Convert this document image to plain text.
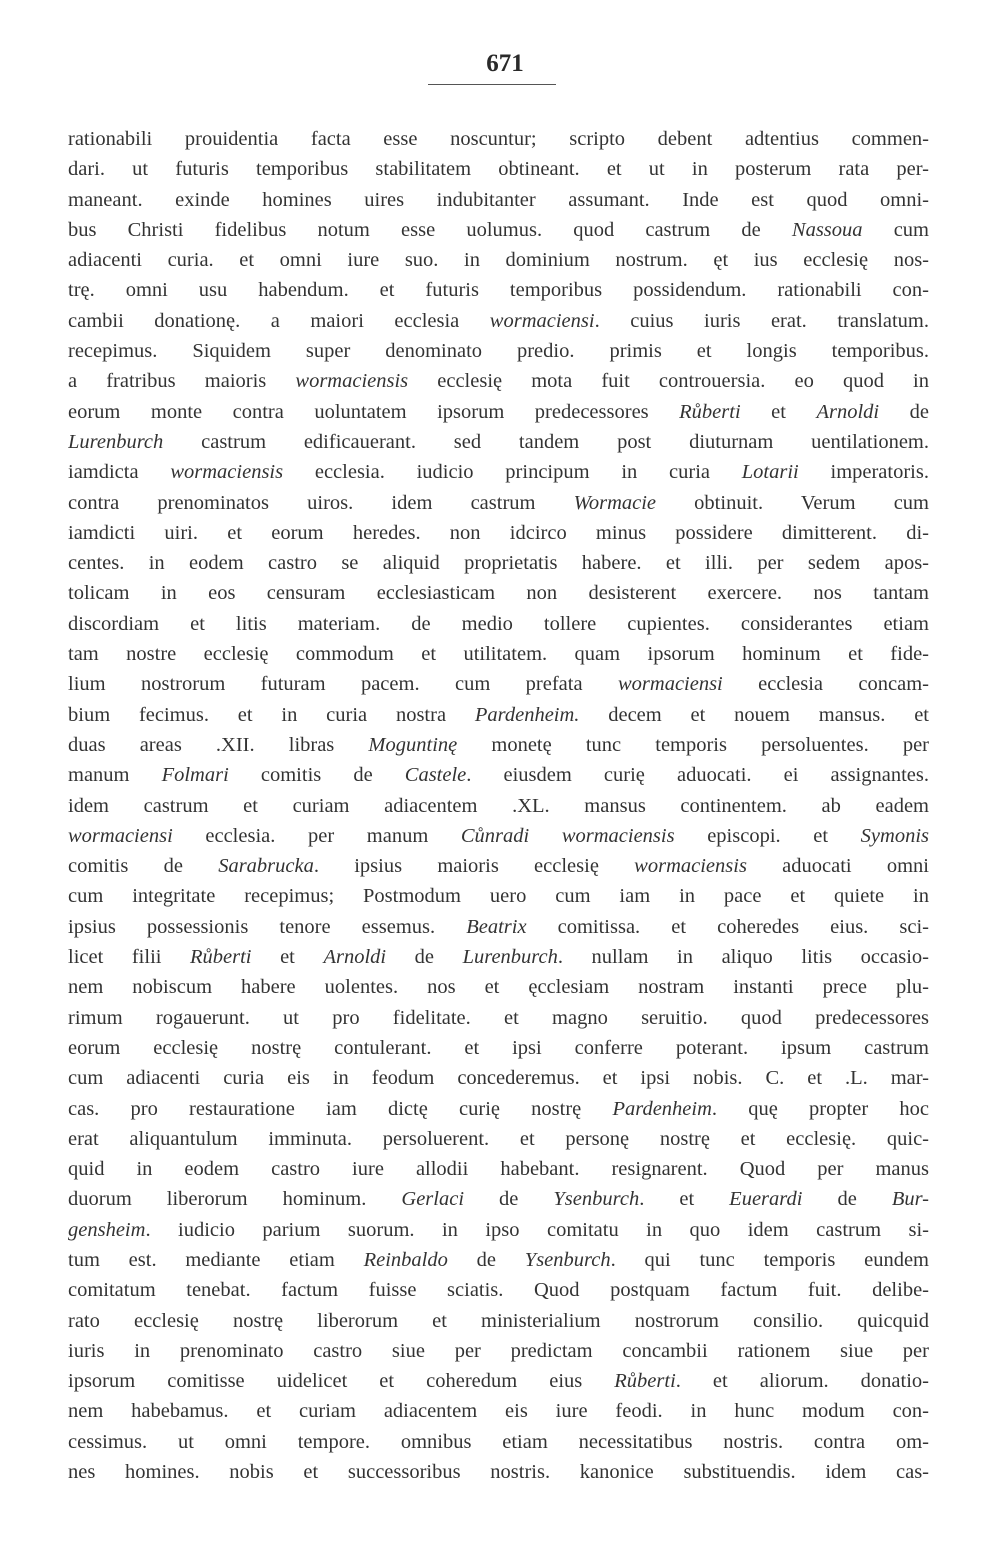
671
rationabili prouidentia facta esse noscuntur; scripto debent adtentius commen-
dari. ut futuris temporibus stabilitatem obtineant. et ut in posterum rata per-
maneant. exinde homines uires indubitanter assumant. Inde est quod omni-
bus Christi fidelibus notum esse uolumus. quod castrum de Nassoua cum
adiacenti curia. et omni iure suo. in dominium nostrum. ęt ius ecclesię nos-
trę. omni usu habendum. et futuris temporibus possidendum. rationabili con-
cambii donationę. a maiori ecclesia wormaciensi. cuius iuris erat. translatum.
recepimus. Siquidem super denominato predio. primis et longis temporibus.
a fratribus maioris wormaciensis ecclesię mota fuit controuersia. eo quod in
eorum monte contra uoluntatem ipsorum predecessores Růberti et Arnoldi de
Lurenburch castrum edificauerant. sed tandem post diuturnam uentilationem.
iamdicta wormaciensis ecclesia. iudicio principum in curia Lotarii imperatoris.
contra prenominatos uiros. idem castrum Wormacie obtinuit. Verum cum
iamdicti uiri. et eorum heredes. non idcirco minus possidere dimitterent. di-
centes. in eodem castro se aliquid proprietatis habere. et illi. per sedem apos-
tolicam in eos censuram ecclesiasticam non desisterent exercere. nos tantam
discordiam et litis materiam. de medio tollere cupientes. considerantes etiam
tam nostre ecclesię commodum et utilitatem. quam ipsorum hominum et fide-
lium nostrorum futuram pacem. cum prefata wormaciensi ecclesia concam-
bium fecimus. et in curia nostra Pardenheim. decem et nouem mansus. et
duas areas .XII. libras Moguntinę monetę tunc temporis persoluentes. per
manum Folmari comitis de Castele. eiusdem curię aduocati. ei assignantes.
idem castrum et curiam adiacentem .XL. mansus continentem. ab eadem
wormaciensi ecclesia. per manum Cůnradi wormaciensis episcopi. et Symonis
comitis de Sarabrucka. ipsius maioris ecclesię wormaciensis aduocati omni
cum integritate recepimus; Postmodum uero cum iam in pace et quiete in
ipsius possessionis tenore essemus. Beatrix comitissa. et coheredes eius. sci-
licet filii Růberti et Arnoldi de Lurenburch. nullam in aliquo litis occasio-
nem nobiscum habere uolentes. nos et ęcclesiam nostram instanti prece plu-
rimum rogauerunt. ut pro fidelitate. et magno seruitio. quod predecessores
eorum ecclesię nostrę contulerant. et ipsi conferre poterant. ipsum castrum
cum adiacenti curia eis in feodum concederemus. et ipsi nobis. C. et .L. mar-
cas. pro restauratione iam dictę curię nostrę Pardenheim. quę propter hoc
erat aliquantulum imminuta. persoluerent. et personę nostrę et ecclesię. quic-
quid in eodem castro iure allodii habebant. resignarent. Quod per manus
duorum liberorum hominum. Gerlaci de Ysenburch. et Euerardi de Bur-
gensheim. iudicio parium suorum. in ipso comitatu in quo idem castrum si-
tum est. mediante etiam Reinbaldo de Ysenburch. qui tunc temporis eundem
comitatum tenebat. factum fuisse sciatis. Quod postquam factum fuit. delibe-
rato ecclesię nostrę liberorum et ministerialium nostrorum consilio. quicquid
iuris in prenominato castro siue per predictam concambii rationem siue per
ipsorum comitisse uidelicet et coheredum eius Růberti. et aliorum. donatio-
nem habebamus. et curiam adiacentem eis iure feodi. in hunc modum con-
cessimus. ut omni tempore. omnibus etiam necessitatibus nostris. contra om-
nes homines. nobis et successoribus nostris. kanonice substituendis. idem cas-
